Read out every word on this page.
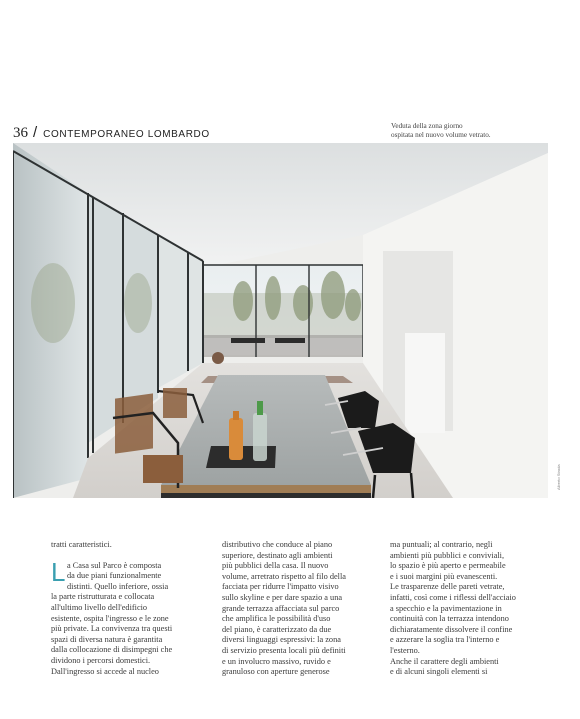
36 / CONTEMPORANEO LOMBARDO
Veduta della zona giorno
ospitata nel nuovo volume vetrato.
Alberto Strada

tratti caratteristici.

L a Casa sul Parco è composta
da due piani funzionalmente
distinti. Quello inferiore, ossia
la parte ristrutturata e collocata
all'ultimo livello dell'edificio
esistente, ospita l'ingresso e le zone
più private. La convivenza tra questi
spazi di diversa natura è garantita
dalla collocazione di disimpegni che
dividono i percorsi domestici.
Dall'ingresso si accede al nucleo

distributivo che conduce al piano
superiore, destinato agli ambienti
più pubblici della casa. Il nuovo
volume, arretrato rispetto al filo della
facciata per ridurre l'impatto visivo
sullo skyline e per dare spazio a una
grande terrazza affacciata sul parco
che amplifica le possibilità d'uso
del piano, è caratterizzato da due
diversi linguaggi espressivi: la zona
di servizio presenta locali più definiti
e un involucro massivo, ruvido e
granuloso con aperture generose
ma puntuali; al contrario, negli
ambienti più pubblici e conviviali,
lo spazio è più aperto e permeabile
e i suoi margini più evanescenti.
Le trasparenze delle pareti vetrate,
infatti, così come i riflessi dell'acciaio
a specchio e la pavimentazione in
continuità con la terrazza intendono
dichiaratamente dissolvere il confine
e azzerare la soglia tra l'interno e
l'esterno.
Anche il carattere degli ambienti
e di alcuni singoli elementi si
